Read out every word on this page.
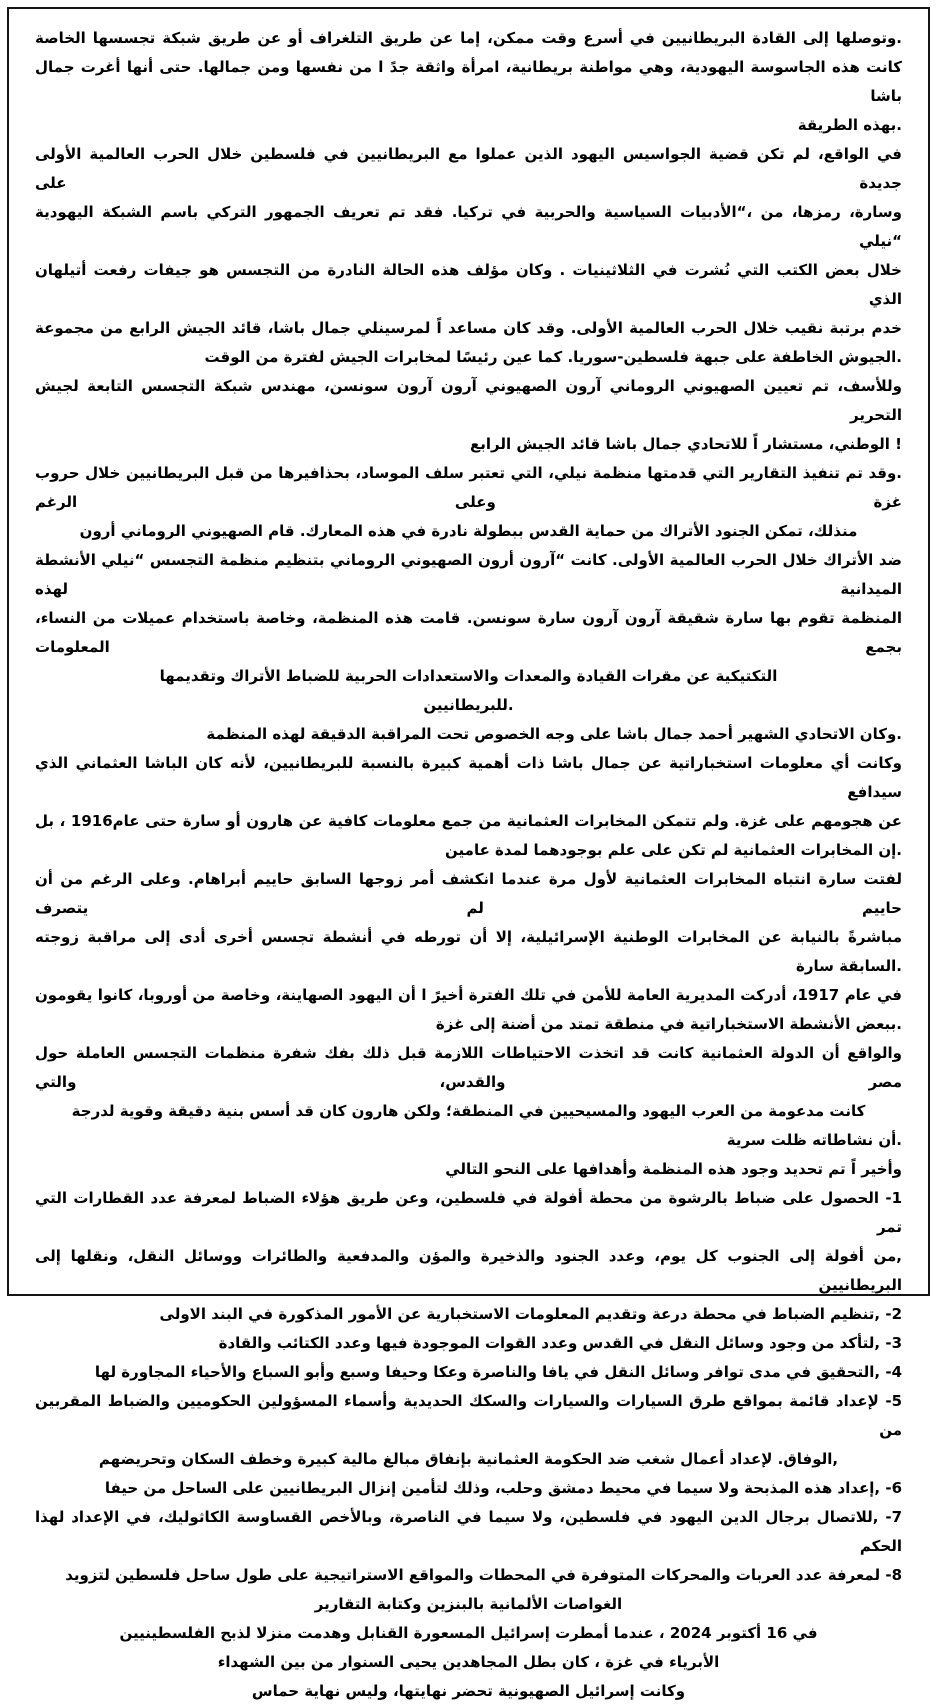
.وتوصلها إلى القادة البريطانيين في أسرع وقت ممكن، إما عن طريق التلغراف أو عن طريق شبكة تجسسها الخاصة
كانت هذه الجاسوسة اليهودية، وهي مواطنة بريطانية، امرأة واثقة جدً ا من نفسها ومن جمالها. حتى أنها أغرت جمال باشا
.بهذه الطريقة
في الواقع، لم تكن قضية الجواسيس اليهود الذين عملوا مع البريطانيين في فلسطين خلال الحرب العالمية الأولى جديدة على
وسارة، رمزها، من ،“الأدبيات السياسية والحربية في تركيا. فقد تم تعريف الجمهور التركي باسم الشبكة اليهودية “نيلي
خلال بعض الكتب التي نُشرت في الثلاثينيات . وكان مؤلف هذه الحالة النادرة من التجسس هو جيفات رفعت أتيلهان الذي
خدم برتبة نقيب خلال الحرب العالمية الأولى. وقد كان مساعد اً لمرسينلي جمال باشا، قائد الجيش الرابع من مجموعة
.الجيوش الخاطفة على جبهة فلسطين-سوريا. كما عين رئيسًا لمخابرات الجيش لفترة من الوقت
وللأسف، تم تعيين الصهيوني الروماني آرون الصهيوني آرون آرون سونسن، مهندس شبكة التجسس التابعة لجيش التحرير
! الوطني، مستشار اً للاتحادي جمال باشا قائد الجيش الرابع
.وقد تم تنفيذ التقارير التي قدمتها منظمة نيلي، التي تعتبر سلف الموساد، بحذافيرها من قبل البريطانيين خلال حروب غزة وعلى الرغم
منذلك، تمكن الجنود الأتراك من حماية القدس ببطولة نادرة في هذه المعارك. قام الصهيوني الروماني أرون
ضد الأتراك خلال الحرب العالمية الأولى. كانت “آرون أرون الصهيوني الروماني بتنظيم منظمة التجسس “نيلي الأنشطة الميدانية لهذه
المنظمة تقوم بها سارة شقيقة آرون آرون سارة سونسن. قامت هذه المنظمة، وخاصة باستخدام عميلات من النساء، بجمع المعلومات
التكتيكية عن مقرات القيادة والمعدات والاستعدادات الحربية للضباط الأتراك وتقديمها
.للبريطانيين
.وكان الاتحادي الشهير أحمد جمال باشا على وجه الخصوص تحت المراقبة الدقيقة لهذه المنظمة
وكانت أي معلومات استخباراتية عن جمال باشا ذات أهمية كبيرة بالنسبة للبريطانيين، لأنه كان الباشا العثماني الذي سيدافع
عن هجومهم على غزة. ولم تتمكن المخابرات العثمانية من جمع معلومات كافية عن هارون أو سارة حتى عام1916 ، بل
.إن المخابرات العثمانية لم تكن على علم بوجودهما لمدة عامين
لفتت سارة انتباه المخابرات العثمانية لأول مرة عندما انكشف أمر زوجها السابق حاييم أبراهام. وعلى الرغم من أن حاييم لم يتصرف
مباشرةً بالنيابة عن المخابرات الوطنية الإسرائيلية، إلا أن تورطه في أنشطة تجسس أخرى أدى إلى مراقبة زوجته
.السابقة سارة
في عام 1917، أدركت المديرية العامة للأمن في تلك الفترة أخيرً ا أن اليهود الصهاينة، وخاصة من أوروبا، كانوا يقومون
.ببعض الأنشطة الاستخباراتية في منطقة تمتد من أضنة إلى غزة
والواقع أن الدولة العثمانية كانت قد اتخذت الاحتياطات اللازمة قبل ذلك بفك شفرة منظمات التجسس العاملة حول مصر والقدس، والتي
كانت مدعومة من العرب اليهود والمسيحيين في المنطقة؛ ولكن هارون كان قد أسس بنية دقيقة وقوية لدرجة
.أن نشاطاته ظلت سرية
وأخير اً تم تحديد وجود هذه المنظمة وأهدافها على النحو التالي
1- الحصول على ضباط بالرشوة من محطة أفولة في فلسطين، وعن طريق هؤلاء الضباط لمعرفة عدد القطارات التي تمر
,من أفولة إلى الجنوب كل يوم، وعدد الجنود والذخيرة والمؤن والمدفعية والطائرات ووسائل النقل، ونقلها إلى البريطانيين
2- ,تنظيم الضباط في محطة درعة وتقديم المعلومات الاستخبارية عن الأمور المذكورة في البند الاولى
3- ,لتأكد من وجود وسائل النقل في القدس وعدد القوات الموجودة فيها وعدد الكتائب والقادة
4- ,التحقيق في مدى توافر وسائل النقل في يافا والناصرة وعكا وحيفا وسبع وأبو السباع والأحياء المجاورة لها
5- لإعداد قائمة بمواقع طرق السيارات والسيارات والسكك الحديدية وأسماء المسؤولين الحكوميين والضباط المقربين من
,الوفاق. لإعداد أعمال شغب ضد الحكومة العثمانية بإنفاق مبالغ مالية كبيرة وخطف السكان وتحريضهم
6- ,إعداد هذه المذبحة ولا سيما في محيط دمشق وحلب، وذلك لتأمين إنزال البريطانيين على الساحل من حيفا
7- ,للاتصال برجال الدين اليهود في فلسطين، ولا سيما في الناصرة، وبالأخص القساوسة الكاثوليك، في الإعداد لهذا الحكم
8- لمعرفة عدد العربات والمحركات المتوفرة في المحطات والمواقع الاستراتيجية على طول ساحل فلسطين لتزويد
الغواصات الألمانية بالبنزين وكتابة التقارير
في 16 أكتوبر 2024 ، عندما أمطرت إسرائيل المسعورة القنابل وهدمت منزلا لذبح الفلسطينيين
الأبرياء في غزة ، كان بطل المجاهدين يحيى السنوار من بين الشهداء
وكانت إسرائيل الصهيونية تحضر نهايتها، وليس نهاية حماس
